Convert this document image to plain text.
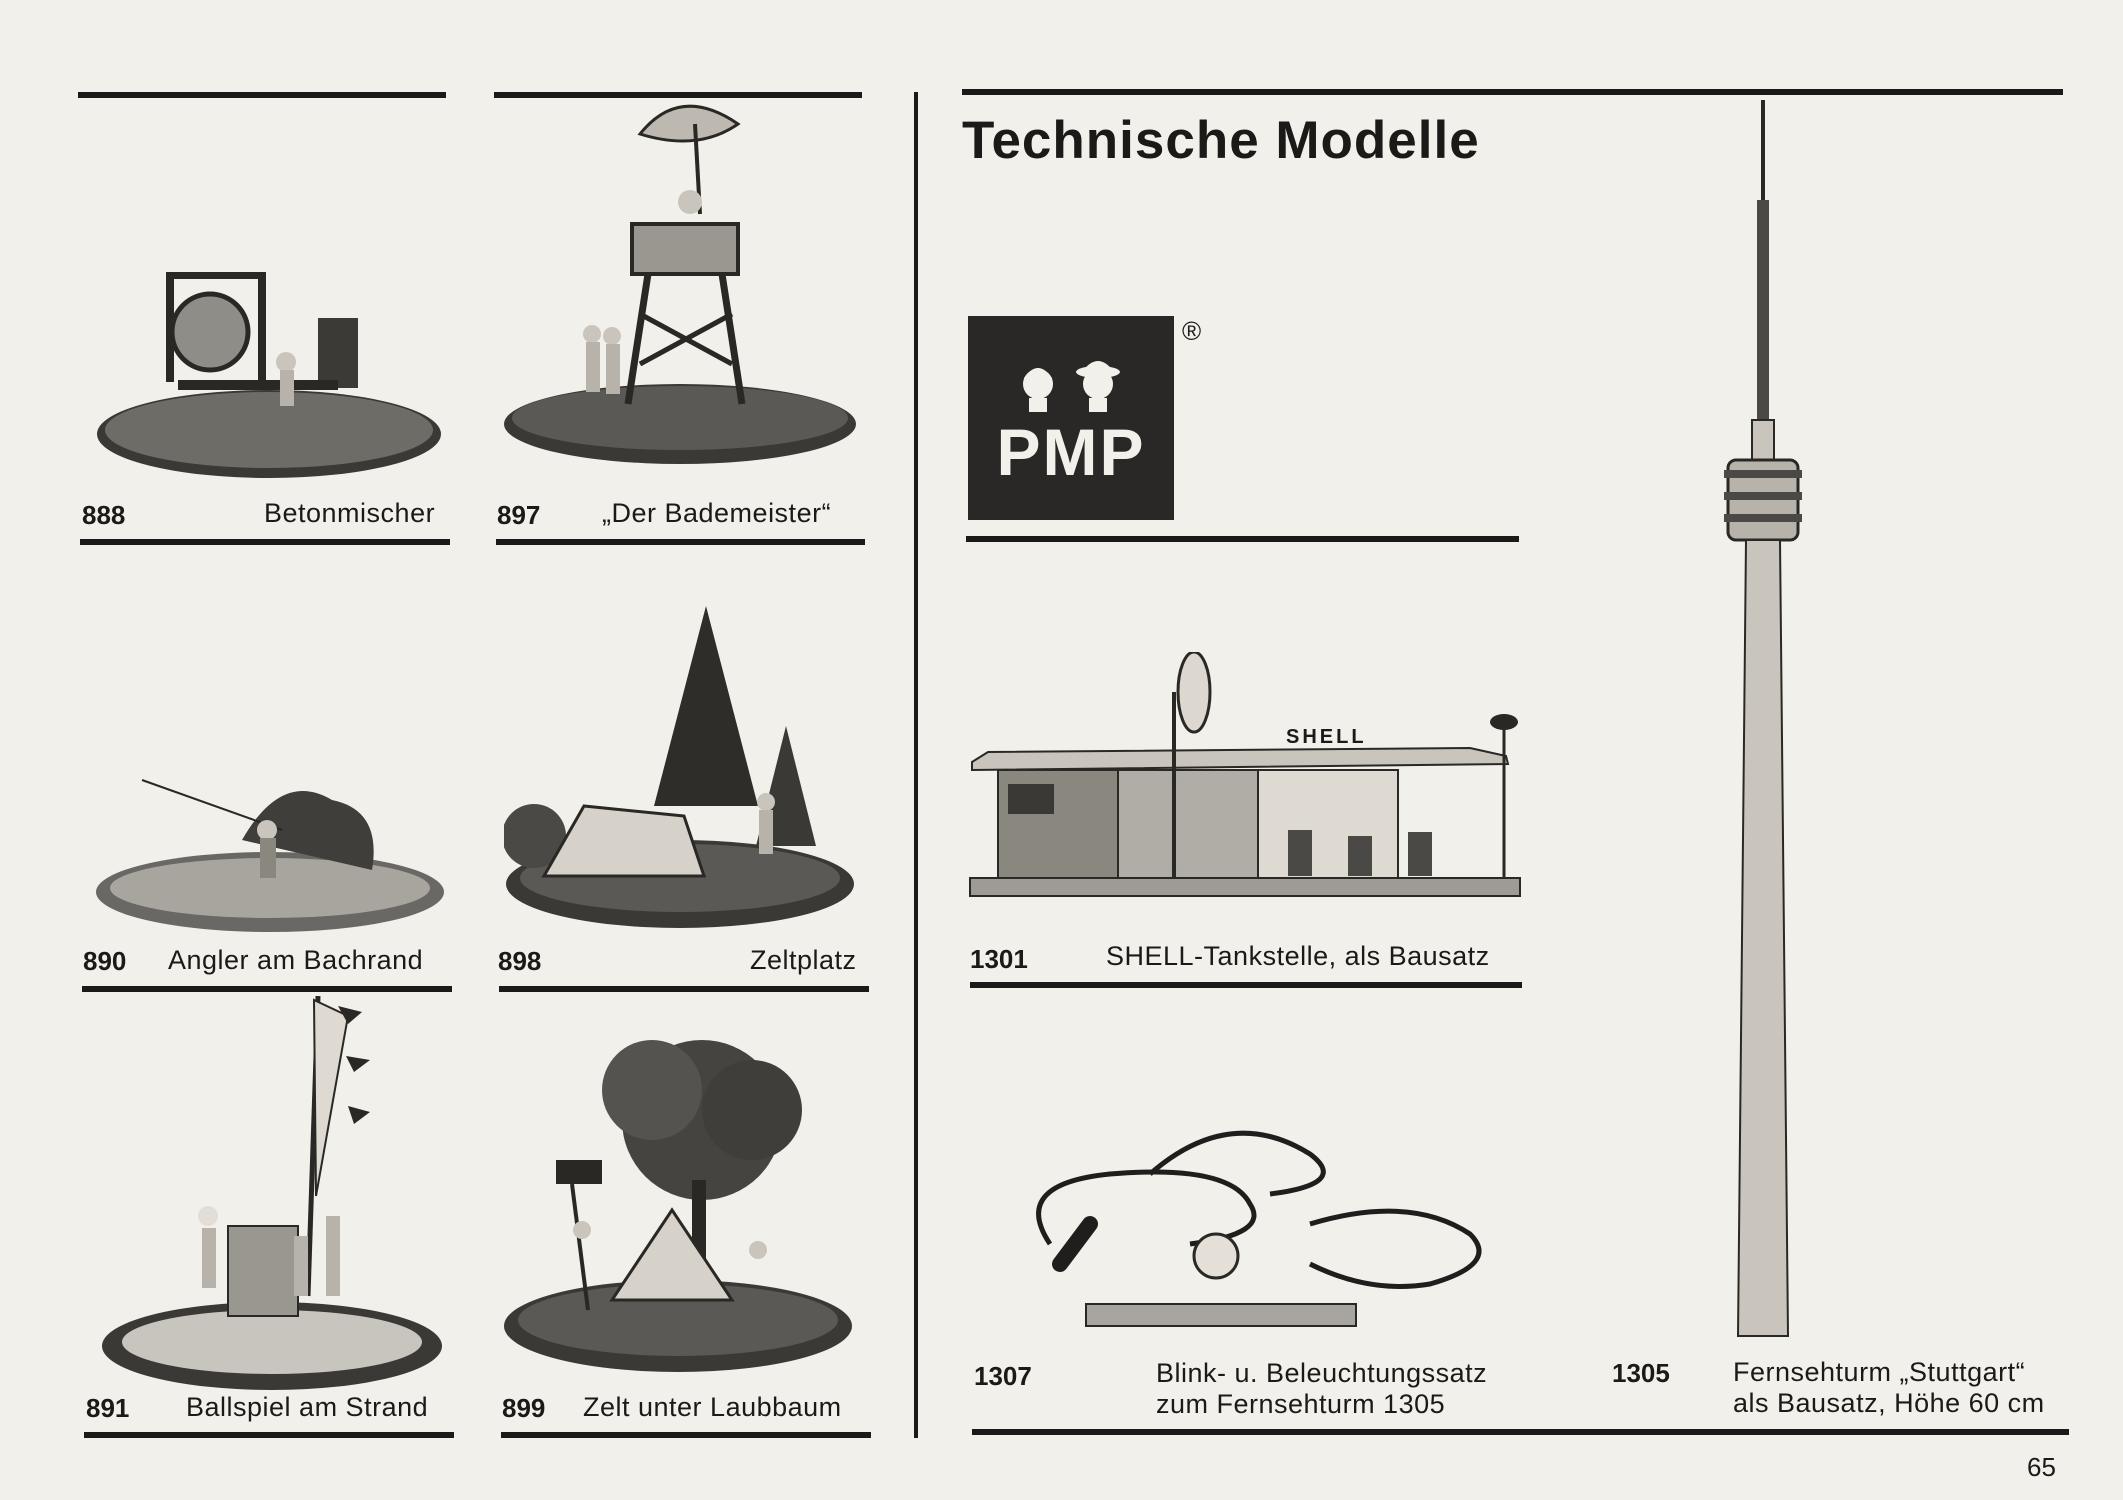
Technische Modelle
PMP
®
SHELL
888	Betonmischer 897 „Der Bademeister“
890 Angler am Bachrand	898	Zeltplatz
891 Ballspiel am Strand	899 Zelt unter Laubbaum
1301	SHELL-Tankstelle, als Bausatz
1307	Blink- u. Beleuchtungssatz
zum Fernsehturm 1305
1305 Fernsehturm „Stuttgart“
als Bausatz, Höhe 60 cm
65
